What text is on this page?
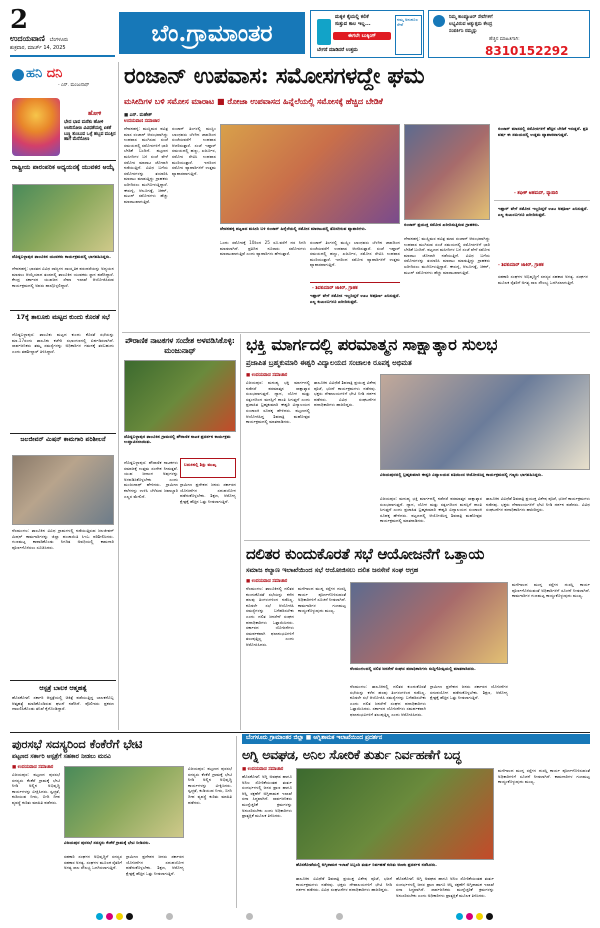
2
ಉದಯವಾಣಿ ಬೆಂಗಳೂರು
ಶುಕ್ರವಾರ, ಮಾರ್ಚ್ 14, 2025
ಬೆಂ.ಗ್ರಾಮಾಂತರ
ಮಕ್ಕಳ ಕೈಯಲ್ಲಿ ಕಲಿಕೆ
ಸುತ್ತುವ ಕಾಲ ಇಲ್ಲ...
ಈಗಲೇ ಬುಕ್ಕಿಂಗ್
ಬೇಗನೆ ಮಾಡಿದರೆ ಉತ್ತಮ
ನಮ್ಮ ಅನುಕೂಲ ಸೇವೆ
ನಿಮ್ಮ ಕಾಂಪ್ಯೂಟರ್ ಸೇವೆಗಳಿಗೆ
ಲಭ್ಯವಿರುವ ಅತ್ಯುತ್ತಮ ಕೇಂದ್ರ
ಸಂಪರ್ಕಿಸಿ ನಮ್ಮನ್ನು
ಹೆಚ್ಚಿನ ಮಾಹಿತಿಗಾಗಿ:
8310152292
ಹನಿ ದನಿ
- ಎನ್. ಮಂಜುನಾಥ್
ಹೋಳಿ
ಭೇದ ಭಾವ ಮರೆತು ಹೋಳಿ ಆಚರಿಸೋಣ ವಿವಿಧತೆಯಲ್ಲಿ ಏಕತೆ ಬಣ್ಣ ತುಂಬುವ ಒಳ್ಳೆ ಹಬ್ಬವ ಮುತ್ತಿನ ಹಾಗೆ ಮೆರೆಸೋಣ
ರಾಷ್ಟ್ರೀಯ ಪಾರಂಪರಿಕ ಅಧ್ಯಯನಕ್ಕೆ ಯುವಕರ ಆಯ್ಕೆ
ದೊಡ್ಡಬಳ್ಳಾಪುರ ತಾಲೂಕಿನ ಯುವಕರು ಕಾರ್ಯಕ್ರಮದಲ್ಲಿ ಭಾಗವಹಿಸಿದ್ದರು.
ದೇವನಹಳ್ಳಿ: ಭಾರತದ ವಿವಿಧ ರಾಜ್ಯಗಳ ಸಾಂಸ್ಕೃತಿಕ ಪರಂಪರೆಯನ್ನು ಅಧ್ಯಯನ ಮಾಡಲು ಆಯ್ಕೆಯಾದ ತಂಡದಲ್ಲಿ ತಾಲೂಕಿನ ಯುವಕರು ಸ್ಥಾನ ಪಡೆದಿದ್ದಾರೆ. ಕೇಂದ್ರ ಸರ್ಕಾರದ ಯುವಜನ ಸೇವಾ ಇಲಾಖೆ ಆಯೋಜಿಸಿರುವ ಕಾರ್ಯಕ್ರಮದಲ್ಲಿ ಅವರು ಪಾಲ್ಗೊಳ್ಳಲಿದ್ದಾರೆ.
17ಕ್ಕೆ ತಾಲೂಕು ಮಟ್ಟದ ಕುಂದು ಕೊರತೆ ಸಭೆ
ದೊಡ್ಡಬಳ್ಳಾಪುರ: ತಾಲೂಕು ಮಟ್ಟದ ಕುಂದು ಕೊರತೆ ಸಭೆಯನ್ನು ಮಾ.17ರಂದು ತಾಲೂಕು ಕಚೇರಿ ಸಭಾಂಗಣದಲ್ಲಿ ಏರ್ಪಡಿಸಲಾಗಿದೆ. ಸಾರ್ವಜನಿಕರು ತಮ್ಮ ಸಮಸ್ಯೆಗಳನ್ನು ಅಧಿಕಾರಿಗಳ ಗಮನಕ್ಕೆ ತರಬಹುದು ಎಂದು ತಹಶೀಲ್ದಾರ್ ತಿಳಿಸಿದ್ದಾರೆ.
ಜಲಜೀವನ್ ಮಿಷನ್ ಕಾಮಗಾರಿ ಪರಿಶೀಲನೆ
ನೆಲಮಂಗಲ: ತಾಲೂಕಿನ ವಿವಿಧ ಗ್ರಾಮಗಳಲ್ಲಿ ನಡೆಯುತ್ತಿರುವ ಜಲಜೀವನ್ ಮಿಷನ್ ಕಾಮಗಾರಿಗಳನ್ನು ಜಿಲ್ಲಾ ಪಂಚಾಯಿತಿ ಸಿಇಒ ಪರಿಶೀಲಿಸಿದರು. ಗುಣಮಟ್ಟ ಕಾಪಾಡಿಕೊಂಡು ನಿಗದಿತ ಅವಧಿಯಲ್ಲಿ ಕಾಮಗಾರಿ ಪೂರ್ಣಗೊಳಿಸಲು ಸೂಚಿಸಿದರು.
ಆಸ್ಪತ್ರೆ ಬಾಲಕ ಆತ್ಮಹತ್ಯೆ
ಹೊಸಕೋಟೆ: ಸರ್ಕಾರಿ ಆಸ್ಪತ್ರೆಯಲ್ಲಿ ಚಿಕಿತ್ಸೆ ಪಡೆಯುತ್ತಿದ್ದ ಬಾಲಕನೊಬ್ಬ ಆತ್ಮಹತ್ಯೆ ಮಾಡಿಕೊಂಡಿರುವ ಘಟನೆ ನಡೆದಿದೆ. ಪೊಲೀಸರು ಪ್ರಕರಣ ದಾಖಲಿಸಿಕೊಂಡು ತನಿಖೆ ಕೈಗೊಂಡಿದ್ದಾರೆ.
ರಂಜಾನ್ ಉಪವಾಸ: ಸಮೋಸಗಳದ್ದೇ ಘಮ
ಮಸೀದಿಗಳ ಬಳಿ ಸಮೋಸ ಮಾರಾಟ ■ ರೋಜಾ ಉಪವಾಸದ ಹಿನ್ನೆಲೆಯಲ್ಲಿ ಸಮೋಸಕ್ಕೆ ಹೆಚ್ಚಿದ ಬೇಡಿಕೆ
■ ಎನ್. ಮಹೇಶ್
ಉದಯವಾಣಿ ಸಮಾಚಾರ
ದೇವನಹಳ್ಳಿ: ಮುಸ್ಲಿಮರ ಪವಿತ್ರ ಮಾಸ ರಂಜಾನ್ ಆರಂಭವಾಗಿದ್ದು ಉಪವಾಸ ಮುಗಿಸುವ ಸಂಜೆ ಸಮಯದಲ್ಲಿ ಸಮೋಸಗಳಿಗೆ ಭಾರಿ ಬೇಡಿಕೆ ಬಂದಿದೆ. ಪಟ್ಟಣದ ಮಸೀದಿಗಳ ಬಳಿ ಸಂಜೆ ವೇಳೆ ಸಮೋಸ ಮಾರಾಟ ಜೋರಾಗಿ ನಡೆಯುತ್ತಿದೆ. ವಿವಿಧ ಬಗೆಯ ಸಮೋಸಗಳನ್ನು ತಯಾರಿಸಿ ಮಾರಾಟ ಮಾಡುತ್ತಿದ್ದು ಗ್ರಾಹಕರು ಖರೀದಿಸಲು ಮುಗಿಬೀಳುತ್ತಿದ್ದಾರೆ. ಈರುಳ್ಳಿ, ಆಲೂಗಡ್ಡೆ, ಚಿಕನ್, ಮಟನ್ ಸಮೋಸಗಳು ಹೆಚ್ಚು ಮಾರಾಟವಾಗುತ್ತಿವೆ.
ರಂಜಾನ್ ತಿಂಗಳಲ್ಲಿ ಮುಸ್ಲಿಂ ಬಾಂಧವರು ಬೆಳಗಿನ ಜಾವದಿಂದ ಸಂಜೆಯವರೆಗೆ ಉಪವಾಸ ಆಚರಿಸುತ್ತಾರೆ. ಸಂಜೆ ಇಫ್ತಾರ್ ಸಮಯದಲ್ಲಿ ಹಣ್ಣು, ಖರ್ಜೂರ, ಸಮೋಸ ಸೇವಿಸಿ ಉಪವಾಸ ಮುರಿಯುತ್ತಾರೆ. ಇದರಿಂದ ಸಮೋಸ ವ್ಯಾಪಾರಿಗಳಿಗೆ ಉತ್ತಮ ವ್ಯಾಪಾರವಾಗುತ್ತಿದೆ.
ದೇವನಹಳ್ಳಿ ಪಟ್ಟಣದ ಮಸೀದಿ ಬಳಿ ರಂಜಾನ್ ಹಿನ್ನೆಲೆಯಲ್ಲಿ ಸಮೋಸ ಮಾರಾಟದಲ್ಲಿ ತೊಡಗಿರುವ ವ್ಯಾಪಾರಿಗಳು.
ಒಂದು ಸಮೋಸಕ್ಕೆ 10ರಿಂದ 25 ರೂ.ವರೆಗೆ ದರ ನಿಗದಿ ಮಾಡಲಾಗಿದೆ. ಪ್ರತಿದಿನ ನೂರಾರು ಸಮೋಸಗಳು ಮಾರಾಟವಾಗುತ್ತಿವೆ ಎಂದು ವ್ಯಾಪಾರಿಗಳು ಹೇಳುತ್ತಾರೆ.
ರಂಜಾನ್ ತಿಂಗಳಲ್ಲಿ ಮುಸ್ಲಿಂ ಬಾಂಧವರು ಬೆಳಗಿನ ಜಾವದಿಂದ ಸಂಜೆಯವರೆಗೆ ಉಪವಾಸ ಆಚರಿಸುತ್ತಾರೆ. ಸಂಜೆ ಇಫ್ತಾರ್ ಸಮಯದಲ್ಲಿ ಹಣ್ಣು, ಖರ್ಜೂರ, ಸಮೋಸ ಸೇವಿಸಿ ಉಪವಾಸ ಮುರಿಯುತ್ತಾರೆ. ಇದರಿಂದ ಸಮೋಸ ವ್ಯಾಪಾರಿಗಳಿಗೆ ಉತ್ತಮ ವ್ಯಾಪಾರವಾಗುತ್ತಿದೆ.
ಇಫ್ತಾರ್ ವೇಳೆ ಸಮೋಸ ಇಲ್ಲದಿದ್ದರೆ ಊಟ ಅಪೂರ್ಣ ಎನಿಸುತ್ತದೆ. ಎಲ್ಲ ಕುಟುಂಬಗಳೂ ಖರೀದಿಸುತ್ತವೆ.
- ಶಿವಕುಮಾರ್ ಜಾಕಿರ್, ಗ್ರಾಹಕ
ರಂಜಾನ್ ಪ್ರಯುಕ್ತ ಸಮೋಸ ಖರೀದಿಸುತ್ತಿರುವ ಗ್ರಾಹಕರು.
ದೇವನಹಳ್ಳಿ: ಮುಸ್ಲಿಮರ ಪವಿತ್ರ ಮಾಸ ರಂಜಾನ್ ಆರಂಭವಾಗಿದ್ದು ಉಪವಾಸ ಮುಗಿಸುವ ಸಂಜೆ ಸಮಯದಲ್ಲಿ ಸಮೋಸಗಳಿಗೆ ಭಾರಿ ಬೇಡಿಕೆ ಬಂದಿದೆ. ಪಟ್ಟಣದ ಮಸೀದಿಗಳ ಬಳಿ ಸಂಜೆ ವೇಳೆ ಸಮೋಸ ಮಾರಾಟ ಜೋರಾಗಿ ನಡೆಯುತ್ತಿದೆ. ವಿವಿಧ ಬಗೆಯ ಸಮೋಸಗಳನ್ನು ತಯಾರಿಸಿ ಮಾರಾಟ ಮಾಡುತ್ತಿದ್ದು ಗ್ರಾಹಕರು ಖರೀದಿಸಲು ಮುಗಿಬೀಳುತ್ತಿದ್ದಾರೆ. ಈರುಳ್ಳಿ, ಆಲೂಗಡ್ಡೆ, ಚಿಕನ್, ಮಟನ್ ಸಮೋಸಗಳು ಹೆಚ್ಚು ಮಾರಾಟವಾಗುತ್ತಿವೆ.
ರಂಜಾನ್ ಮಾಸದಲ್ಲಿ ಸಮೋಸಗಳಿಗೆ ಹೆಚ್ಚಿನ ಬೇಡಿಕೆ ಇರುತ್ತದೆ. ಪ್ರತಿ ವರ್ಷ ಈ ಸಮಯದಲ್ಲಿ ಉತ್ತಮ ವ್ಯಾಪಾರವಾಗುತ್ತದೆ.
- ಶಫೀಕ್ ಅಹಮದ್, ವ್ಯಾಪಾರಿ
ಇಫ್ತಾರ್ ವೇಳೆ ಸಮೋಸ ಇಲ್ಲದಿದ್ದರೆ ಊಟ ಅಪೂರ್ಣ ಎನಿಸುತ್ತದೆ. ಎಲ್ಲ ಕುಟುಂಬಗಳೂ ಖರೀದಿಸುತ್ತವೆ.
- ಶಿವಕುಮಾರ್ ಜಾಕಿರ್, ಗ್ರಾಹಕ
ಸಹಕಾರಿ ಸಂಘಗಳ ಅಭಿವೃದ್ಧಿಗೆ ಸದಸ್ಯರ ಸಹಕಾರ ಅಗತ್ಯ. ಸಂಘಗಳ ಮೂಲಕ ರೈತರಿಗೆ ಅಗತ್ಯ ಸಾಲ ಸೌಲಭ್ಯ ಒದಗಿಸಲಾಗುತ್ತಿದೆ.
ಪೌರಾಣಿಕ ನಾಟಕಗಳ ಸಂದೇಶ ಅಳವಡಿಸಿಕೊಳ್ಳಿ: ಮಂಜುನಾಥ್
ದೊಡ್ಡಬಳ್ಳಾಪುರ ತಾಲೂಕಿನ ಗ್ರಾಮದಲ್ಲಿ ಪೌರಾಣಿಕ ನಾಟಕ ಪ್ರದರ್ಶನ ಕಾರ್ಯಕ್ರಮ ಉದ್ಘಾಟಿಸಲಾಯಿತು.
ದೊಡ್ಡಬಳ್ಳಾಪುರ: ಪೌರಾಣಿಕ ನಾಟಕಗಳು ಸಮಾಜಕ್ಕೆ ಉತ್ತಮ ಸಂದೇಶ ನೀಡುತ್ತವೆ. ಯುವ ಜನಾಂಗ ಅವುಗಳನ್ನು ಅಳವಡಿಸಿಕೊಳ್ಳಬೇಕು ಎಂದು ಮಂಜುನಾಥ್ ಹೇಳಿದರು. ಗ್ರಾಮೀಣ ಕಲೆಗಳನ್ನು ಉಳಿಸಿ ಬೆಳೆಸುವ ಜವಾಬ್ದಾರಿ ಎಲ್ಲರ ಮೇಲಿದೆ.
ಬದುಕಿನಲ್ಲಿ ಶಿಸ್ತು ಮುಖ್ಯ
ಗ್ರಾಮೀಣ ಪ್ರದೇಶದ ಜನರು ಸರ್ಕಾರದ ಯೋಜನೆಗಳ ಸದುಪಯೋಗ ಪಡೆದುಕೊಳ್ಳಬೇಕು. ಶಿಕ್ಷಣ, ಆರೋಗ್ಯ ಕ್ಷೇತ್ರಕ್ಕೆ ಹೆಚ್ಚಿನ ಒತ್ತು ನೀಡಲಾಗುತ್ತಿದೆ.
ಭಕ್ತಿ ಮಾರ್ಗದಲ್ಲಿ ಪರಮಾತ್ಮನ ಸಾಕ್ಷಾತ್ಕಾರ ಸುಲಭ
ಪ್ರಜಾಪಿತ ಬ್ರಹ್ಮಕುಮಾರಿ ಈಶ್ವರಿ ವಿದ್ಯಾಲಯದ ಸಂಚಾಲಕಿ ರೂಪಕ್ಕ ಅಭಿಮತ
■ ಉದಯವಾಣಿ ಸಮಾಚಾರ
ವಿಜಯಪುರ: ಮನುಷ್ಯ ಭಕ್ತಿ ಮಾರ್ಗದಲ್ಲಿ ನಡೆದರೆ ಪರಮಾತ್ಮನ ಸಾಕ್ಷಾತ್ಕಾರ ಸುಲಭವಾಗುತ್ತದೆ. ಧ್ಯಾನ, ಯೋಗ ಮತ್ತು ಸತ್ಸಂಗದಿಂದ ಮನಸ್ಸಿಗೆ ಶಾಂತಿ ಸಿಗುತ್ತದೆ ಎಂದು ಪ್ರಜಾಪಿತ ಬ್ರಹ್ಮಕುಮಾರಿ ಈಶ್ವರಿ ವಿದ್ಯಾಲಯದ ಸಂಚಾಲಕಿ ರೂಪಕ್ಕ ಹೇಳಿದರು. ಪಟ್ಟಣದಲ್ಲಿ ಆಯೋಜಿಸಿದ್ದ ಶಿವರಾತ್ರಿ ಮಹೋತ್ಸವ ಕಾರ್ಯಕ್ರಮದಲ್ಲಿ ಮಾತನಾಡಿದರು.
ತಾಲೂಕಿನ ವಿವಿಧೆಡೆ ಶಿವರಾತ್ರಿ ಪ್ರಯುಕ್ತ ವಿಶೇಷ ಪೂಜೆ, ಭಜನೆ ಕಾರ್ಯಕ್ರಮಗಳು ನಡೆದವು. ಭಕ್ತರು ದೇವಾಲಯಗಳಿಗೆ ಭೇಟಿ ನೀಡಿ ದರ್ಶನ ಪಡೆದರು. ವಿವಿಧ ಸಂಘಟನೆಗಳ ಪದಾಧಿಕಾರಿಗಳು ಹಾಜರಿದ್ದರು.
ವಿಜಯಪುರದಲ್ಲಿ ಬ್ರಹ್ಮಕುಮಾರಿ ಈಶ್ವರಿ ವಿದ್ಯಾಲಯದ ವತಿಯಿಂದ ಆಯೋಜಿಸಿದ್ದ ಕಾರ್ಯಕ್ರಮದಲ್ಲಿ ಗಣ್ಯರು ಭಾಗವಹಿಸಿದ್ದರು.
ವಿಜಯಪುರ: ಮನುಷ್ಯ ಭಕ್ತಿ ಮಾರ್ಗದಲ್ಲಿ ನಡೆದರೆ ಪರಮಾತ್ಮನ ಸಾಕ್ಷಾತ್ಕಾರ ಸುಲಭವಾಗುತ್ತದೆ. ಧ್ಯಾನ, ಯೋಗ ಮತ್ತು ಸತ್ಸಂಗದಿಂದ ಮನಸ್ಸಿಗೆ ಶಾಂತಿ ಸಿಗುತ್ತದೆ ಎಂದು ಪ್ರಜಾಪಿತ ಬ್ರಹ್ಮಕುಮಾರಿ ಈಶ್ವರಿ ವಿದ್ಯಾಲಯದ ಸಂಚಾಲಕಿ ರೂಪಕ್ಕ ಹೇಳಿದರು. ಪಟ್ಟಣದಲ್ಲಿ ಆಯೋಜಿಸಿದ್ದ ಶಿವರಾತ್ರಿ ಮಹೋತ್ಸವ ಕಾರ್ಯಕ್ರಮದಲ್ಲಿ ಮಾತನಾಡಿದರು.
ತಾಲೂಕಿನ ವಿವಿಧೆಡೆ ಶಿವರಾತ್ರಿ ಪ್ರಯುಕ್ತ ವಿಶೇಷ ಪೂಜೆ, ಭಜನೆ ಕಾರ್ಯಕ್ರಮಗಳು ನಡೆದವು. ಭಕ್ತರು ದೇವಾಲಯಗಳಿಗೆ ಭೇಟಿ ನೀಡಿ ದರ್ಶನ ಪಡೆದರು. ವಿವಿಧ ಸಂಘಟನೆಗಳ ಪದಾಧಿಕಾರಿಗಳು ಹಾಜರಿದ್ದರು.
ದಲಿತರ ಕುಂದುಕೊರತೆ ಸಭೆ ಆಯೋಜನೆಗೆ ಒತ್ತಾಯ
ಸಮಾಜ ಕಲ್ಯಾಣ ಇಲಾಖೆಯಿಂದ ಸಭೆ ಆಯೋಜಿಸಲು ದಲಿತ ಜನಸೇನೆ ಸಂಘ ಆಗ್ರಹ
■ ಉದಯವಾಣಿ ಸಮಾಚಾರ
ನೆಲಮಂಗಲ: ತಾಲೂಕಿನಲ್ಲಿ ದಲಿತರ ಕುಂದುಕೊರತೆ ಸಭೆಯನ್ನು ಕಳೆದ ಹಲವು ತಿಂಗಳುಗಳಿಂದ ನಡೆಸಿಲ್ಲ. ಕೂಡಲೇ ಸಭೆ ಆಯೋಜಿಸಿ ಸಮಸ್ಯೆಗಳನ್ನು ಬಗೆಹರಿಸಬೇಕು ಎಂದು ದಲಿತ ಜನಸೇನೆ ಸಂಘದ ಪದಾಧಿಕಾರಿಗಳು ಒತ್ತಾಯಿಸಿದರು. ಸರ್ಕಾರದ ಯೋಜನೆಗಳು ಸಮರ್ಪಕವಾಗಿ ಫಲಾನುಭವಿಗಳಿಗೆ ತಲುಪುತ್ತಿಲ್ಲ ಎಂದು ಆರೋಪಿಸಿದರು.
ಮಳೆಗಾಲದ ಮುನ್ನ ರಸ್ತೆಗಳ ದುರಸ್ತಿ ಕಾರ್ಯ ಪೂರ್ಣಗೊಳಿಸುವಂತೆ ಅಧಿಕಾರಿಗಳಿಗೆ ಸೂಚನೆ ನೀಡಲಾಗಿದೆ. ಕಾಮಗಾರಿಗಳ ಗುಣಮಟ್ಟ ಕಾಯ್ದುಕೊಳ್ಳುವುದು ಮುಖ್ಯ.
ನೆಲಮಂಗಲದಲ್ಲಿ ದಲಿತ ಜನಸೇನೆ ಸಂಘದ ಪದಾಧಿಕಾರಿಗಳು ಸುದ್ದಿಗೋಷ್ಠಿಯಲ್ಲಿ ಮಾತನಾಡಿದರು.
ನೆಲಮಂಗಲ: ತಾಲೂಕಿನಲ್ಲಿ ದಲಿತರ ಕುಂದುಕೊರತೆ ಸಭೆಯನ್ನು ಕಳೆದ ಹಲವು ತಿಂಗಳುಗಳಿಂದ ನಡೆಸಿಲ್ಲ. ಕೂಡಲೇ ಸಭೆ ಆಯೋಜಿಸಿ ಸಮಸ್ಯೆಗಳನ್ನು ಬಗೆಹರಿಸಬೇಕು ಎಂದು ದಲಿತ ಜನಸೇನೆ ಸಂಘದ ಪದಾಧಿಕಾರಿಗಳು ಒತ್ತಾಯಿಸಿದರು. ಸರ್ಕಾರದ ಯೋಜನೆಗಳು ಸಮರ್ಪಕವಾಗಿ ಫಲಾನುಭವಿಗಳಿಗೆ ತಲುಪುತ್ತಿಲ್ಲ ಎಂದು ಆರೋಪಿಸಿದರು.
ಗ್ರಾಮೀಣ ಪ್ರದೇಶದ ಜನರು ಸರ್ಕಾರದ ಯೋಜನೆಗಳ ಸದುಪಯೋಗ ಪಡೆದುಕೊಳ್ಳಬೇಕು. ಶಿಕ್ಷಣ, ಆರೋಗ್ಯ ಕ್ಷೇತ್ರಕ್ಕೆ ಹೆಚ್ಚಿನ ಒತ್ತು ನೀಡಲಾಗುತ್ತಿದೆ.
ಮಳೆಗಾಲದ ಮುನ್ನ ರಸ್ತೆಗಳ ದುರಸ್ತಿ ಕಾರ್ಯ ಪೂರ್ಣಗೊಳಿಸುವಂತೆ ಅಧಿಕಾರಿಗಳಿಗೆ ಸೂಚನೆ ನೀಡಲಾಗಿದೆ. ಕಾಮಗಾರಿಗಳ ಗುಣಮಟ್ಟ ಕಾಯ್ದುಕೊಳ್ಳುವುದು ಮುಖ್ಯ.
ಪುರಸಭೆ ಸದಸ್ಯರಿಂದ ಕೆಂಕೆರೆಗೆ ಭೇಟಿ
ಪಟ್ಟಣದ ಸರ್ಕಾರಿ ಆಸ್ಪತ್ರೆಗೆ ಸಹಕಾರ ನೀಡಲು ಮನವಿ
■ ಉದಯವಾಣಿ ಸಮಾಚಾರ
ವಿಜಯಪುರ: ಪಟ್ಟಣದ ಪುರಸಭೆ ಸದಸ್ಯರು ಕೆಂಕೆರೆ ಗ್ರಾಮಕ್ಕೆ ಭೇಟಿ ನೀಡಿ ಅಲ್ಲಿನ ಅಭಿವೃದ್ಧಿ ಕಾರ್ಯಗಳನ್ನು ವೀಕ್ಷಿಸಿದರು. ಸ್ವಚ್ಛತೆ, ಕುಡಿಯುವ ನೀರು, ಬೀದಿ ದೀಪ ವ್ಯವಸ್ಥೆ ಕುರಿತು ಮಾಹಿತಿ ಪಡೆದರು.
ವಿಜಯಪುರ ಪುರಸಭೆ ಸದಸ್ಯರು ಕೆಂಕೆರೆ ಗ್ರಾಮಕ್ಕೆ ಭೇಟಿ ನೀಡಿದರು.
ಸಹಕಾರಿ ಸಂಘಗಳ ಅಭಿವೃದ್ಧಿಗೆ ಸದಸ್ಯರ ಸಹಕಾರ ಅಗತ್ಯ. ಸಂಘಗಳ ಮೂಲಕ ರೈತರಿಗೆ ಅಗತ್ಯ ಸಾಲ ಸೌಲಭ್ಯ ಒದಗಿಸಲಾಗುತ್ತಿದೆ.
ಗ್ರಾಮೀಣ ಪ್ರದೇಶದ ಜನರು ಸರ್ಕಾರದ ಯೋಜನೆಗಳ ಸದುಪಯೋಗ ಪಡೆದುಕೊಳ್ಳಬೇಕು. ಶಿಕ್ಷಣ, ಆರೋಗ್ಯ ಕ್ಷೇತ್ರಕ್ಕೆ ಹೆಚ್ಚಿನ ಒತ್ತು ನೀಡಲಾಗುತ್ತಿದೆ.
ವಿಜಯಪುರ: ಪಟ್ಟಣದ ಪುರಸಭೆ ಸದಸ್ಯರು ಕೆಂಕೆರೆ ಗ್ರಾಮಕ್ಕೆ ಭೇಟಿ ನೀಡಿ ಅಲ್ಲಿನ ಅಭಿವೃದ್ಧಿ ಕಾರ್ಯಗಳನ್ನು ವೀಕ್ಷಿಸಿದರು. ಸ್ವಚ್ಛತೆ, ಕುಡಿಯುವ ನೀರು, ಬೀದಿ ದೀಪ ವ್ಯವಸ್ಥೆ ಕುರಿತು ಮಾಹಿತಿ ಪಡೆದರು.
ಬೆಂಗಳೂರು ಗ್ರಾಮಾಂತರ ಜಿಲ್ಲಾ ■ ಅಗ್ನಿಶಾಮಕ ಇಲಾಖೆಯಿಂದ ಪ್ರದರ್ಶನ
ಅಗ್ನಿ ಅವಘಡ, ಅನಿಲ ಸೋರಿಕೆ ತುರ್ತು ನಿರ್ವಹಣೆಗೆ ಬದ್ಧ
■ ಉದಯವಾಣಿ ಸಮಾಚಾರ
ಹೊಸಕೋಟೆ: ಅಗ್ನಿ ಅವಘಡ ಹಾಗೂ ಅನಿಲ ಸೋರಿಕೆಯಂತಹ ತುರ್ತು ಸಂದರ್ಭಗಳಲ್ಲಿ ಜನರ ಪ್ರಾಣ ಹಾಗೂ ಆಸ್ತಿ ರಕ್ಷಣೆಗೆ ಅಗ್ನಿಶಾಮಕ ಇಲಾಖೆ ಸದಾ ಸಿದ್ಧವಾಗಿದೆ. ಸಾರ್ವಜನಿಕರು ಮುನ್ನೆಚ್ಚರಿಕೆ ಕ್ರಮಗಳನ್ನು ಅನುಸರಿಸಬೇಕು ಎಂದು ಅಧಿಕಾರಿಗಳು ಪ್ರಾತ್ಯಕ್ಷಿಕೆ ಮೂಲಕ ತಿಳಿಸಿದರು.
ಹೊಸಕೋಟೆಯಲ್ಲಿ ಅಗ್ನಿಶಾಮಕ ಇಲಾಖೆ ಸಿಬ್ಬಂದಿ ತುರ್ತು ನಿರ್ವಹಣೆ ಕುರಿತು ಅಣಕು ಪ್ರದರ್ಶನ ನಡೆಸಿದರು.
ತಾಲೂಕಿನ ವಿವಿಧೆಡೆ ಶಿವರಾತ್ರಿ ಪ್ರಯುಕ್ತ ವಿಶೇಷ ಪೂಜೆ, ಭಜನೆ ಕಾರ್ಯಕ್ರಮಗಳು ನಡೆದವು. ಭಕ್ತರು ದೇವಾಲಯಗಳಿಗೆ ಭೇಟಿ ನೀಡಿ ದರ್ಶನ ಪಡೆದರು. ವಿವಿಧ ಸಂಘಟನೆಗಳ ಪದಾಧಿಕಾರಿಗಳು ಹಾಜರಿದ್ದರು.
ಹೊಸಕೋಟೆ: ಅಗ್ನಿ ಅವಘಡ ಹಾಗೂ ಅನಿಲ ಸೋರಿಕೆಯಂತಹ ತುರ್ತು ಸಂದರ್ಭಗಳಲ್ಲಿ ಜನರ ಪ್ರಾಣ ಹಾಗೂ ಆಸ್ತಿ ರಕ್ಷಣೆಗೆ ಅಗ್ನಿಶಾಮಕ ಇಲಾಖೆ ಸದಾ ಸಿದ್ಧವಾಗಿದೆ. ಸಾರ್ವಜನಿಕರು ಮುನ್ನೆಚ್ಚರಿಕೆ ಕ್ರಮಗಳನ್ನು ಅನುಸರಿಸಬೇಕು ಎಂದು ಅಧಿಕಾರಿಗಳು ಪ್ರಾತ್ಯಕ್ಷಿಕೆ ಮೂಲಕ ತಿಳಿಸಿದರು.
ಮಳೆಗಾಲದ ಮುನ್ನ ರಸ್ತೆಗಳ ದುರಸ್ತಿ ಕಾರ್ಯ ಪೂರ್ಣಗೊಳಿಸುವಂತೆ ಅಧಿಕಾರಿಗಳಿಗೆ ಸೂಚನೆ ನೀಡಲಾಗಿದೆ. ಕಾಮಗಾರಿಗಳ ಗುಣಮಟ್ಟ ಕಾಯ್ದುಕೊಳ್ಳುವುದು ಮುಖ್ಯ.
